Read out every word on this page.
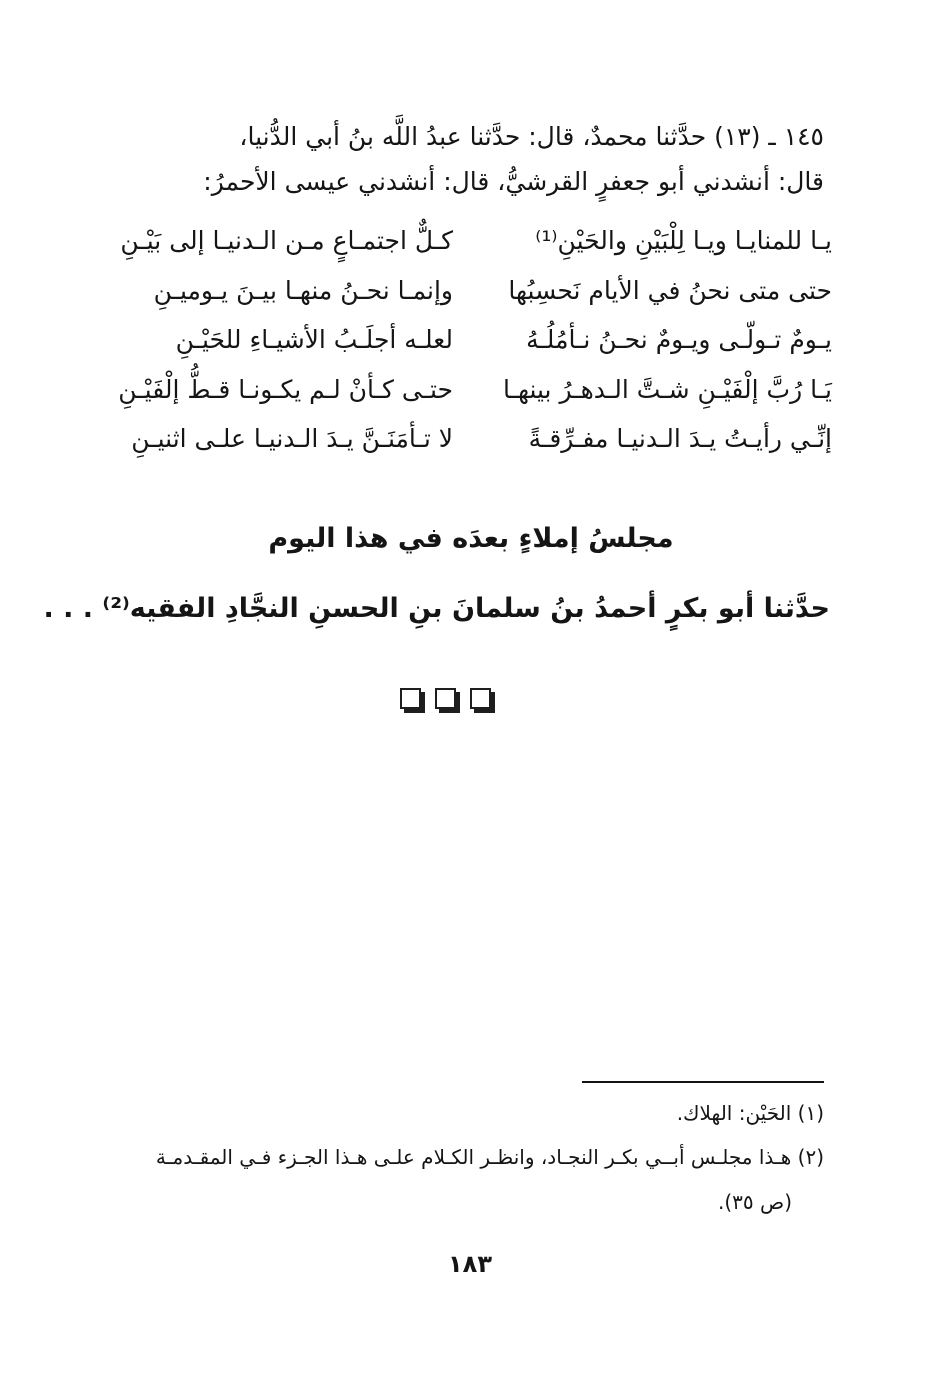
١٤٥ ـ (١٣) حدَّثنا محمدٌ، قال: حدَّثنا عبدُ اللَّه بنُ أبي الدُّنيا،
قال: أنشدني أبو جعفرٍ القرشيُّ، قال: أنشدني عيسى الأحمرُ:
يـا للمنايـا ويـا لِلْبَيْنِ والحَيْنِ⁽¹⁾
كـلٌّ اجتمـاعٍ مـن الـدنيـا إلى بَيْـنِ
حتى متى نحنُ في الأيام نَحسِبُها
وإنمـا نحـنُ منهـا بيـنَ يـوميـنِ
يـومٌ تـولّـى ويـومٌ نحـنُ نـأمُلُـهُ
لعلـه أجلَـبُ الأشيـاءِ للحَيْـنِ
يَـا رُبَّ إلْفَيْـنِ شـتَّ الـدهـرُ بينهـا
حتـى كـأنْ لـم يكـونـا قـطُّ إلْفَيْـنِ
إنِّـي رأيـتُ يـدَ الـدنيـا مفـرِّقـةً
لا تـأمَنَـنَّ يـدَ الـدنيـا علـى اثنيـنِ
مجلسُ إملاءٍ بعدَه في هذا اليوم
حدَّثنا أبو بكرٍ أحمدُ بنُ سلمانَ بنِ الحسنِ النجَّادِ الفقيه⁽²⁾ . . .
(١) الحَيْن: الهلاك.
(٢) هـذا مجلـس أبــي بكـر النجـاد، وانظـر الكـلام علـى هـذا الجـزء فـي المقـدمـة
(ص ٣٥).
١٨٣
